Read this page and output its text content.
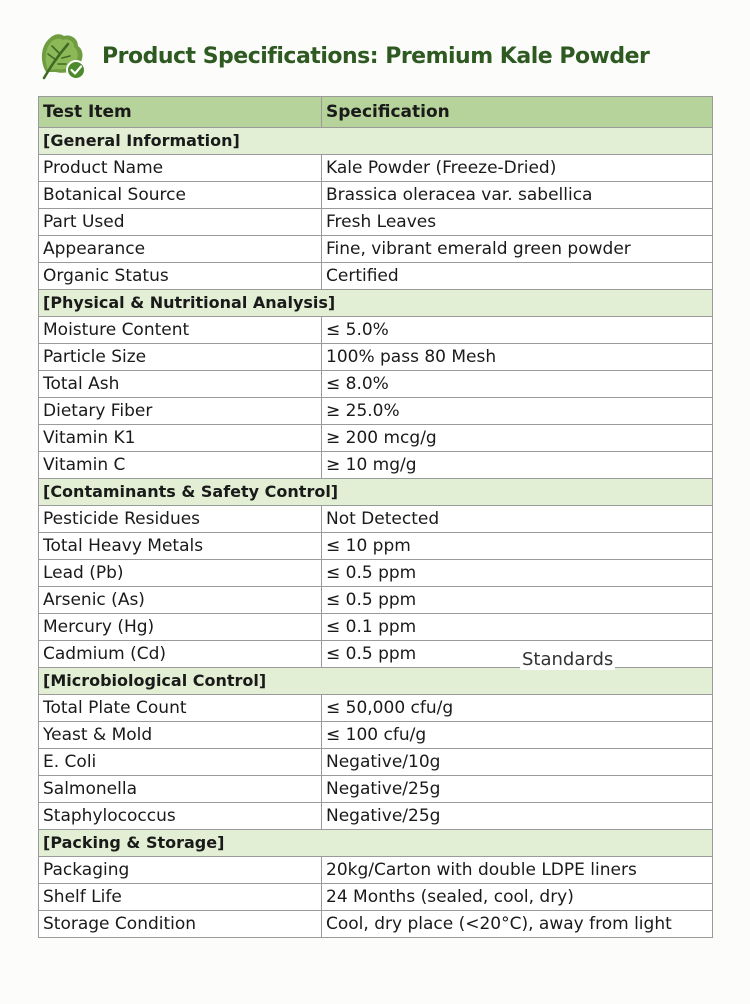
Product Specifications: Premium Kale Powder
Test Item	Specification
[General Information]	
Product Name	Kale Powder (Freeze-Dried)
Botanical Source	Brassica oleracea var. sabellica
Part Used	Fresh Leaves
Appearance	Fine, vibrant emerald green powder
Organic Status	Certified
[Physical & Nutritional Analysis]	
Moisture Content	≤ 5.0%
Particle Size	100% pass 80 Mesh
Total Ash	≤ 8.0%
Dietary Fiber	≥ 25.0%
Vitamin K1	≥ 200 mcg/g
Vitamin C	≥ 10 mg/g
[Contaminants & Safety Control]	
Pesticide Residues	Not Detected
Total Heavy Metals	≤ 10 ppm
Lead (Pb)	≤ 0.5 ppm
Arsenic (As)	≤ 0.5 ppm
Mercury (Hg)	≤ 0.1 ppm
Cadmium (Cd)	≤ 0.5 ppm
[Microbiological Control]	
Total Plate Count	≤ 50,000 cfu/g
Yeast & Mold	≤ 100 cfu/g
E. Coli	Negative/10g
Salmonella	Negative/25g
Staphylococcus	Negative/25g
[Packing & Storage]	
Packaging	20kg/Carton with double LDPE liners
Shelf Life	24 Months (sealed, cool, dry)
Storage Condition	Cool, dry place (<20°C), away from light
Standards
